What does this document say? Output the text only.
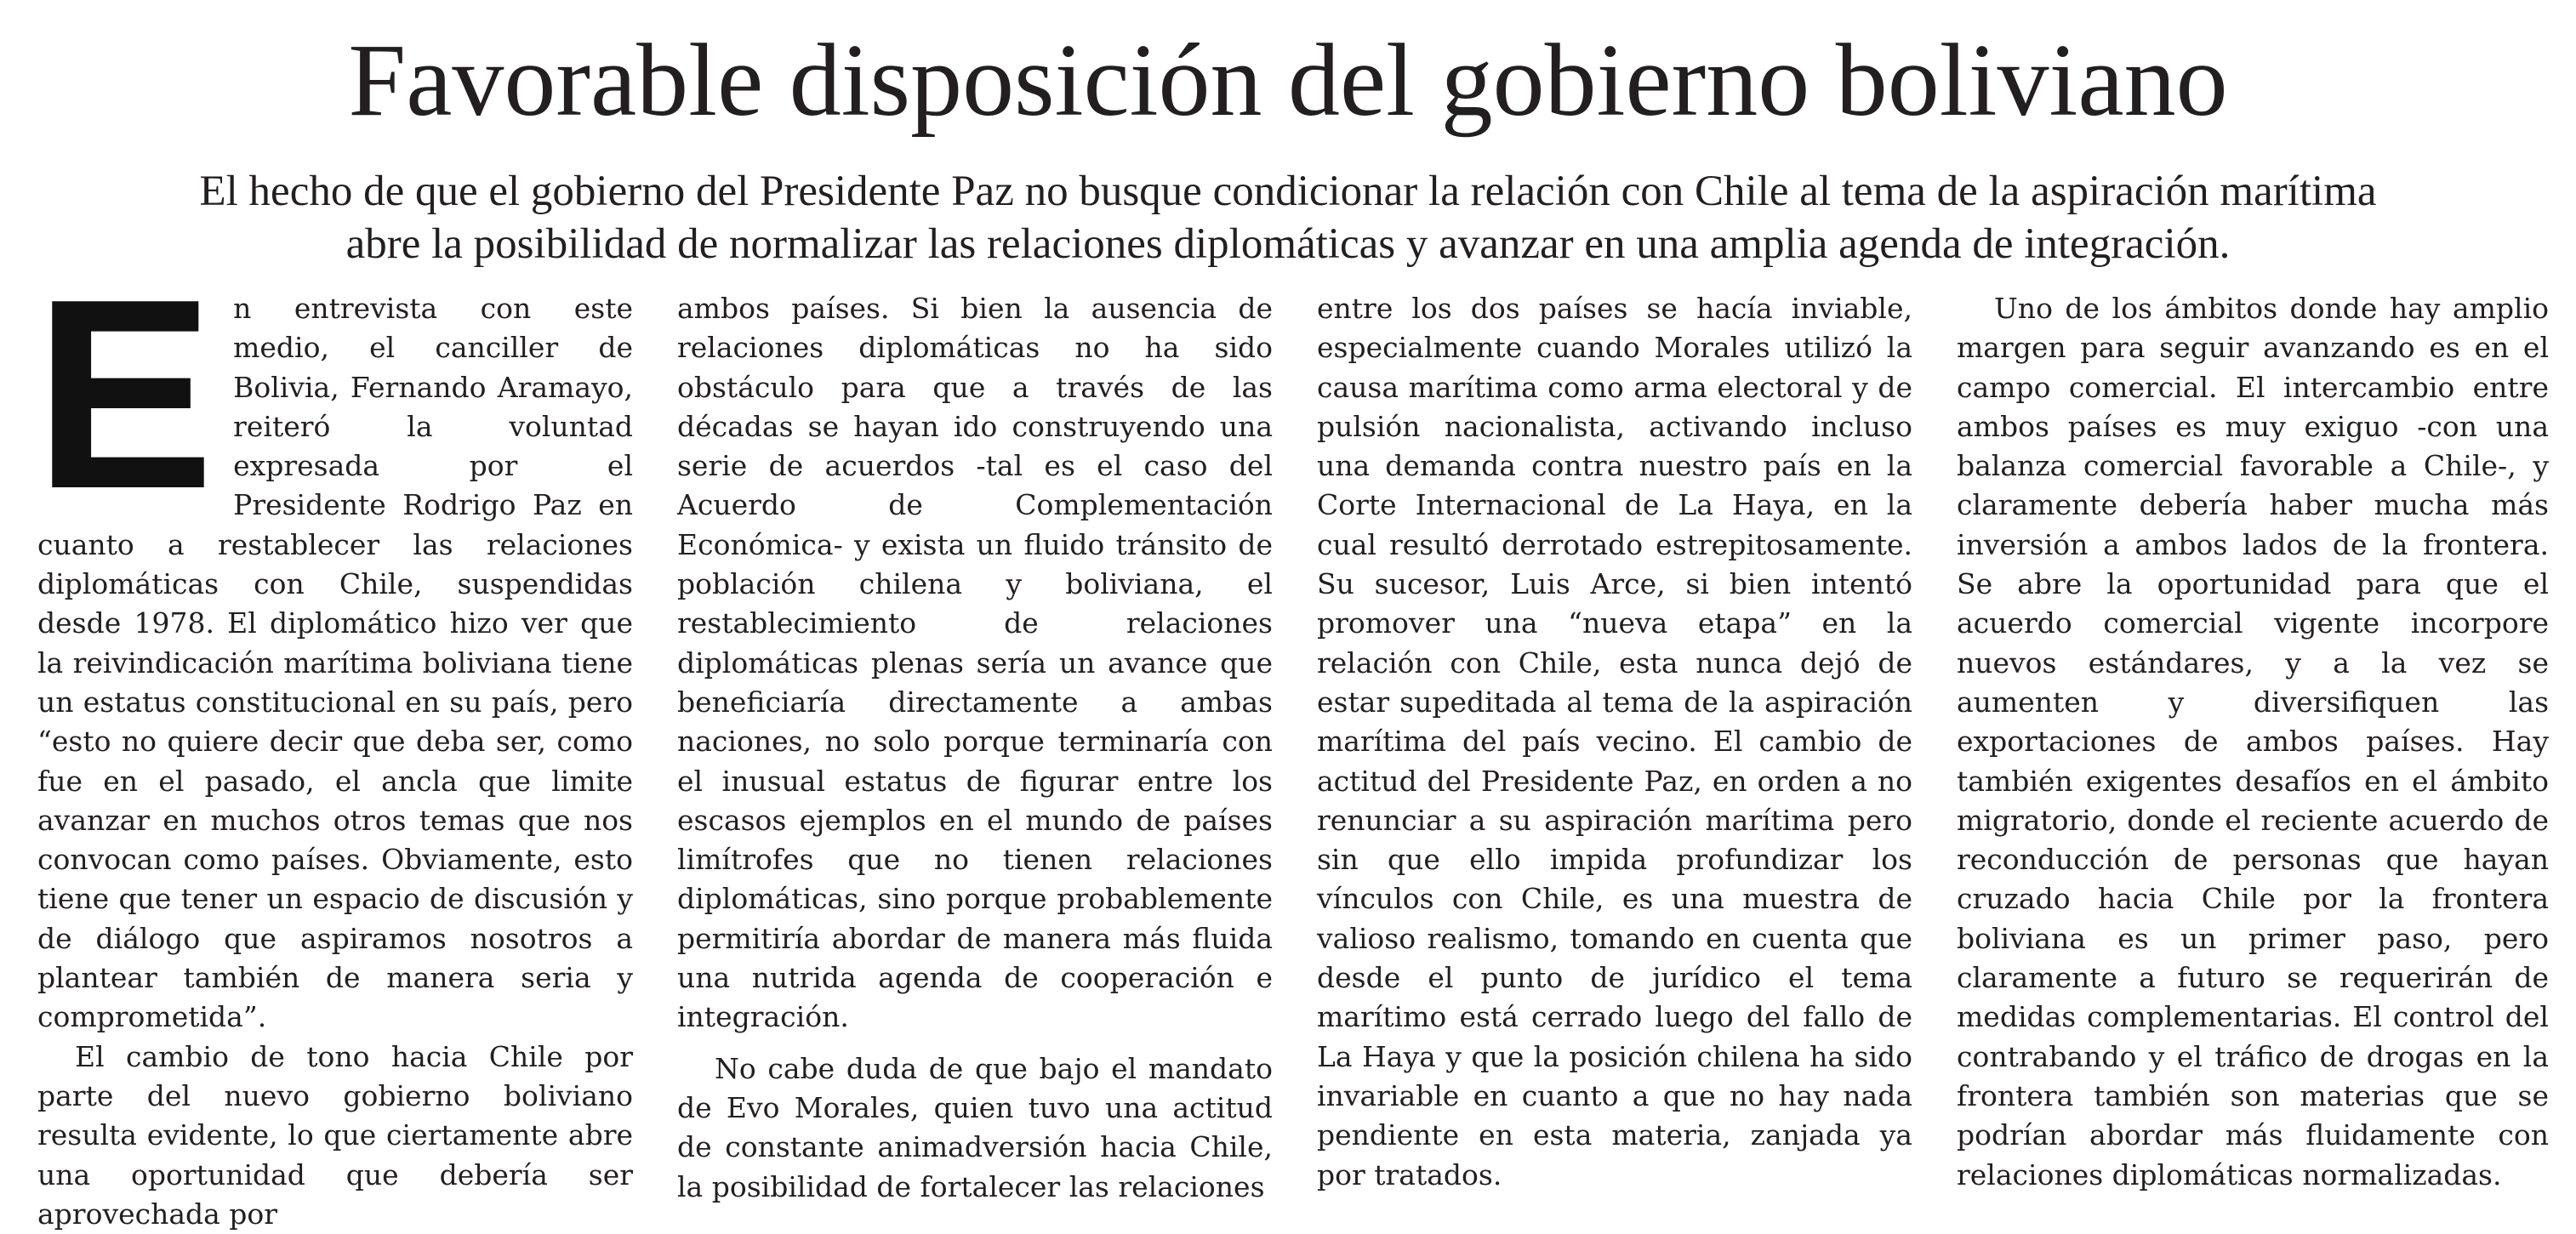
Favorable disposición del gobierno boliviano
El hecho de que el gobierno del Presidente Paz no busque condicionar la relación con Chile al tema de la aspiración marítima
abre la posibilidad de normalizar las relaciones diplomáticas y avanzar en una amplia agenda de integración.
E n entrevista con este medio, el canciller de Bolivia, Fernando Aramayo, reiteró la voluntad expresada por el Presidente Rodrigo Paz en cuanto a restablecer las relaciones diplomáticas con Chile, suspendidas desde 1978. El diplomático hizo ver que la reivindicación marítima boliviana tiene un estatus constitucional en su país, pero “esto no quiere decir que deba ser, como fue en el pasado, el ancla que limite avanzar en muchos otros temas que nos convocan como países. Obviamente, esto tiene que tener un espacio de discusión y de diálogo que aspiramos nosotros a plantear también de manera seria y comprometida”.

El cambio de tono hacia Chile por parte del nuevo gobierno boliviano resulta evidente, lo que ciertamente abre una oportunidad que debería ser aprovechada por

ambos países. Si bien la ausencia de relaciones diplomáticas no ha sido obstáculo para que a través de las décadas se hayan ido construyendo una serie de acuerdos -tal es el caso del Acuerdo de Complementación Económica- y exista un fluido tránsito de población chilena y boliviana, el restablecimiento de relaciones diplomáticas plenas sería un avance que beneficiaría directamente a ambas naciones, no solo porque terminaría con el inusual estatus de figurar entre los escasos ejemplos en el mundo de países limítrofes que no tienen relaciones diplomáticas, sino porque probablemente permitiría abordar de manera más fluida una nutrida agenda de cooperación e integración.

No cabe duda de que bajo el mandato de Evo Morales, quien tuvo una actitud de constante animadversión hacia Chile, la posibilidad de fortalecer las relaciones

entre los dos países se hacía inviable, especialmente cuando Morales utilizó la causa marítima como arma electoral y de pulsión nacionalista, activando incluso una demanda contra nuestro país en la Corte Internacional de La Haya, en la cual resultó derrotado estrepitosamente. Su sucesor, Luis Arce, si bien intentó promover una “nueva etapa” en la relación con Chile, esta nunca dejó de estar supeditada al tema de la aspiración marítima del país vecino. El cambio de actitud del Presidente Paz, en orden a no renunciar a su aspiración marítima pero sin que ello impida profundizar los vínculos con Chile, es una muestra de valioso realismo, tomando en cuenta que desde el punto de jurídico el tema marítimo está cerrado luego del fallo de La Haya y que la posición chilena ha sido invariable en cuanto a que no hay nada pendiente en esta materia, zanjada ya por tratados.

Uno de los ámbitos donde hay amplio margen para seguir avanzando es en el campo comercial. El intercambio entre ambos países es muy exiguo -con una balanza comercial favorable a Chile-, y claramente debería haber mucha más inversión a ambos lados de la frontera. Se abre la oportunidad para que el acuerdo comercial vigente incorpore nuevos estándares, y a la vez se aumenten y diversifiquen las exportaciones de ambos países. Hay también exigentes desafíos en el ámbito migratorio, donde el reciente acuerdo de reconducción de personas que hayan cruzado hacia Chile por la frontera boliviana es un primer paso, pero claramente a futuro se requerirán de medidas complementarias. El control del contrabando y el tráfico de drogas en la frontera también son materias que se podrían abordar más fluidamente con relaciones diplomáticas normalizadas.
